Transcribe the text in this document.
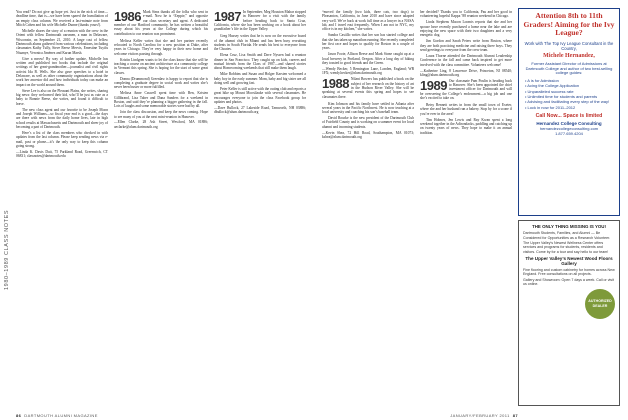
1980–1989 CLASS NOTES

You read? Do not give up hope yet. Just in the nick of time—deadline time, that is—we have been spared the humiliation of an empty class column. We received a last-minute note from Mitch Cohen and his wife Michelle Dunne (thanks yours!).

Michelle shares the story of a reunion with the crew in the Orient with fellow Dartmouth oarsmen, a man in Delaware, Wisconsin, on September 21, 2010. A large cast of fellow Dartmouth alums gathered from various celebrations, including classmates Kathy Tully, Steve Reese Mervis, Ernestine Tuyifu Ntuanye, Veronica Jiménez and Karun Marsh.

Give a meow! By way of further update, Michelle has written and published two books that include the original writings of her great-grandmother—journalist and civil rights activist Ida B. Wells. She also gave speeches to a hotel in Delaware, as well as other community organizations about the work her ancestor did and how individuals today can make an impact on the world around them.

Steve Lee is also on the Pleasant Plains, she writes, sharing big news: they welcomed their kid, who’ll be just as cute as a baby to Bonnie Reese, she writes, and found it difficult to leave.

The new class agent and our favorite to be Joseph Moon and Joseph Williams—so fiscal year end is a good—the days are there with news from the daily home lives, late in high school results at Massachusetts and Dartmouth and sheer joy of becoming a part of Dartmouth.

Here’s a list of the class members who checked in with updates from the last column. Please keep sending news via e-mail, post or phone—it’s the only way to keep this column going strong.

—Linda K. Davis Duit, 75 Parkland Road, Greenwich, CT 06831; classnotes@dartmouth.edu

1986 Mark Sims thanks all the folks who sent in e-mail. Now he is “Zeppie,” and opposite our class secretary and agent. A dedicated member of our Hartford community, he has written a beautiful essay about his years at the College during which his contribution to our reunion was prominent.

Melissa Keller writes that she and her partner recently relocated to North Carolina for a new position at Duke, after years in Chicago. They’re very happy in their new home and welcome visitors passing through.

Kristin Lindgren wants to let the class know that she will be teaching a course on ancient architecture at a community college in Vermont this spring. She is hoping for the start of some great classes.

Donna (Drummond) Greenlaw is happy to report that she is completing a graduate degree in social work and writes she’s never been busier or more fulfilled.

Melissa Anne Caswell spent time with Ben, Kristen Gillibrand, Lisa Taber and Dana Sanders for a weekend in Boston, and said they’re planning a bigger gathering in the fall. Lots of laughs and some memorable stories were had by all.

Join the class discussion, and keep the news coming. Hope to see many of you at the next mini-reunion in Hanover.

—Ellen Clarke, 28 Ash Street, Westford, MA 01886; aeclarke@alum.dartmouth.org

1987 In September, Meg Houston Mahar stopped in Hanover for a visit with the family before heading back to Santa Cruz, California, where she has been working on a book about her grandfather’s life in the Upper Valley.

Greg Hussey writes that he is now on the executive board of the alumni club in Miami and has been busy recruiting students in South Florida. He sends his best to everyone from the Choates.

Elena Cruz, Lisa Smith and Dave Nyssen had a reunion dinner in San Francisco. They caught up on kids, careers and mutual friends from the Class of 1987—and shared stories about Homecoming weekends that still make them laugh.

Mike Robbins and Susan and Holger Karsten welcomed a baby boy in the early summer. Mom, baby and big sister are all doing well and growing fast.

Peter Keller is still active with the outing club and reports a great hike up Mount Moosilauke with several classmates. He encourages everyone to join the class Facebook group for updates and photos.

—Dave Bullock, 27 Lakeside Road, Tamworth, NH 03886; dbullock@alum.dartmouth.org

“moved the family (two kids, three cats, two dogs) to Pleasanton, California, in June 2010 and have since adapted very well. We’re back at work full time as a lawyer in a NASA lab, and I travel east frequently. When I am not in NYC, my office is in my kitchen,” she writes.

Sandra Castillo writes that her son has started college and that she has taken up marathon running. She recently completed her first race and hopes to qualify for Boston in a couple of years.

Jason Foote, Allison Reese and Mark Stone caught up at a local brewery in Portland, Oregon. After a long day of hiking they toasted to good friends and the Green.

—Wendy Becker, 5 Remington Lane, Londen, England; WB 1FX; wendy.becker@alum.dartmouth.org

1988 Nilani Bowers has published a book on the subject of her research on the history of art in the Hudson River Valley. She will be speaking at several events this spring and hopes to see classmates there.

Kim Johnson and his family have settled in Atlanta after several years in the Pacific Northwest. He is now teaching at a local university and coaching his son’s baseball team.

David Rourke is the new president of the Dartmouth Club of Fairfield County and is working on a summer event for local alumni and incoming students.

—Kevin Shea, 72 Hill Road, Southampton, MA 01073; kshea@alum.dartmouth.org

her decided? Thanks you to California, Pau and her good in volunteering hopeful Kappa ’88 reunion weekend in Chicago.

Linda Stephens Macon Loomis reports that she and her spouse have recently purchased a home near the lake and are enjoying the new space with their two daughters and a very energetic dog.

Jim Gordon and Sarah Peters write from Boston, where they are both practicing medicine and raising three boys. They send greetings to everyone from the crew team.

Laura Thorne attended the Dartmouth Alumni Leadership Conference in the fall and came back inspired to get more involved with the class committee. Volunteers welcome!

—Katherine Ling, 8 Lawrence Drive, Princeton, NJ 08540; kling@alum.dartmouth.org

1989 Our classmate Pam Poulin is heading back to Hanover. She’s been appointed the chief investment officer for Dartmouth and will be overseeing the College’s endowment—a big job and one she’s excited to take on.

Betsy Bennett writes in from the small town of Exeter, where she and her husband run a bakery. Stop by for a scone if you’re ever in the area!

Tim Holmes, Jen Lewis and Ray Kwan spent a long weekend together in the Adirondacks, paddling and catching up on twenty years of news. They hope to make it an annual tradition.

Attention 8th to 11th Graders! Aiming for the Ivy League?
Work with The Top Ivy League Consultant in the Country,
Michele Hernandez,
Former Assistant Director of Admissions at Dartmouth College and author of two best-selling college guides:
• A is for Admission
• Acing the College Application
• Unparalleled success rate
• Unlimited time for students and parents
• Advising and facilitating every step of the way!
• Lock in now for 2011–2012
Call Now... Space is limited
Hernandez College Consulting
hernandezcollegeconsulting.com
1.877.659.4204
THE ONLY THING MISSING IS YOU!

Dartmouth Students, Families, and Alumni — Be Considered for Opportunities as a Research Volunteer.

The Upper Valley’s Newest Wellness Center offers services and programs for students, residents and visitors. Come by for a tour and say hello to our team!

The Upper Valley’s Newest Wood Floors Gallery

Fine flooring and custom cabinetry for homes across New England. Free consultations on all projects.

Gallery and Showroom: Open 7 days a week. Call or visit us online.

AUTHORIZED DEALER
86 DARTMOUTH ALUMNI MAGAZINE	JANUARY/FEBRUARY 2011 87
